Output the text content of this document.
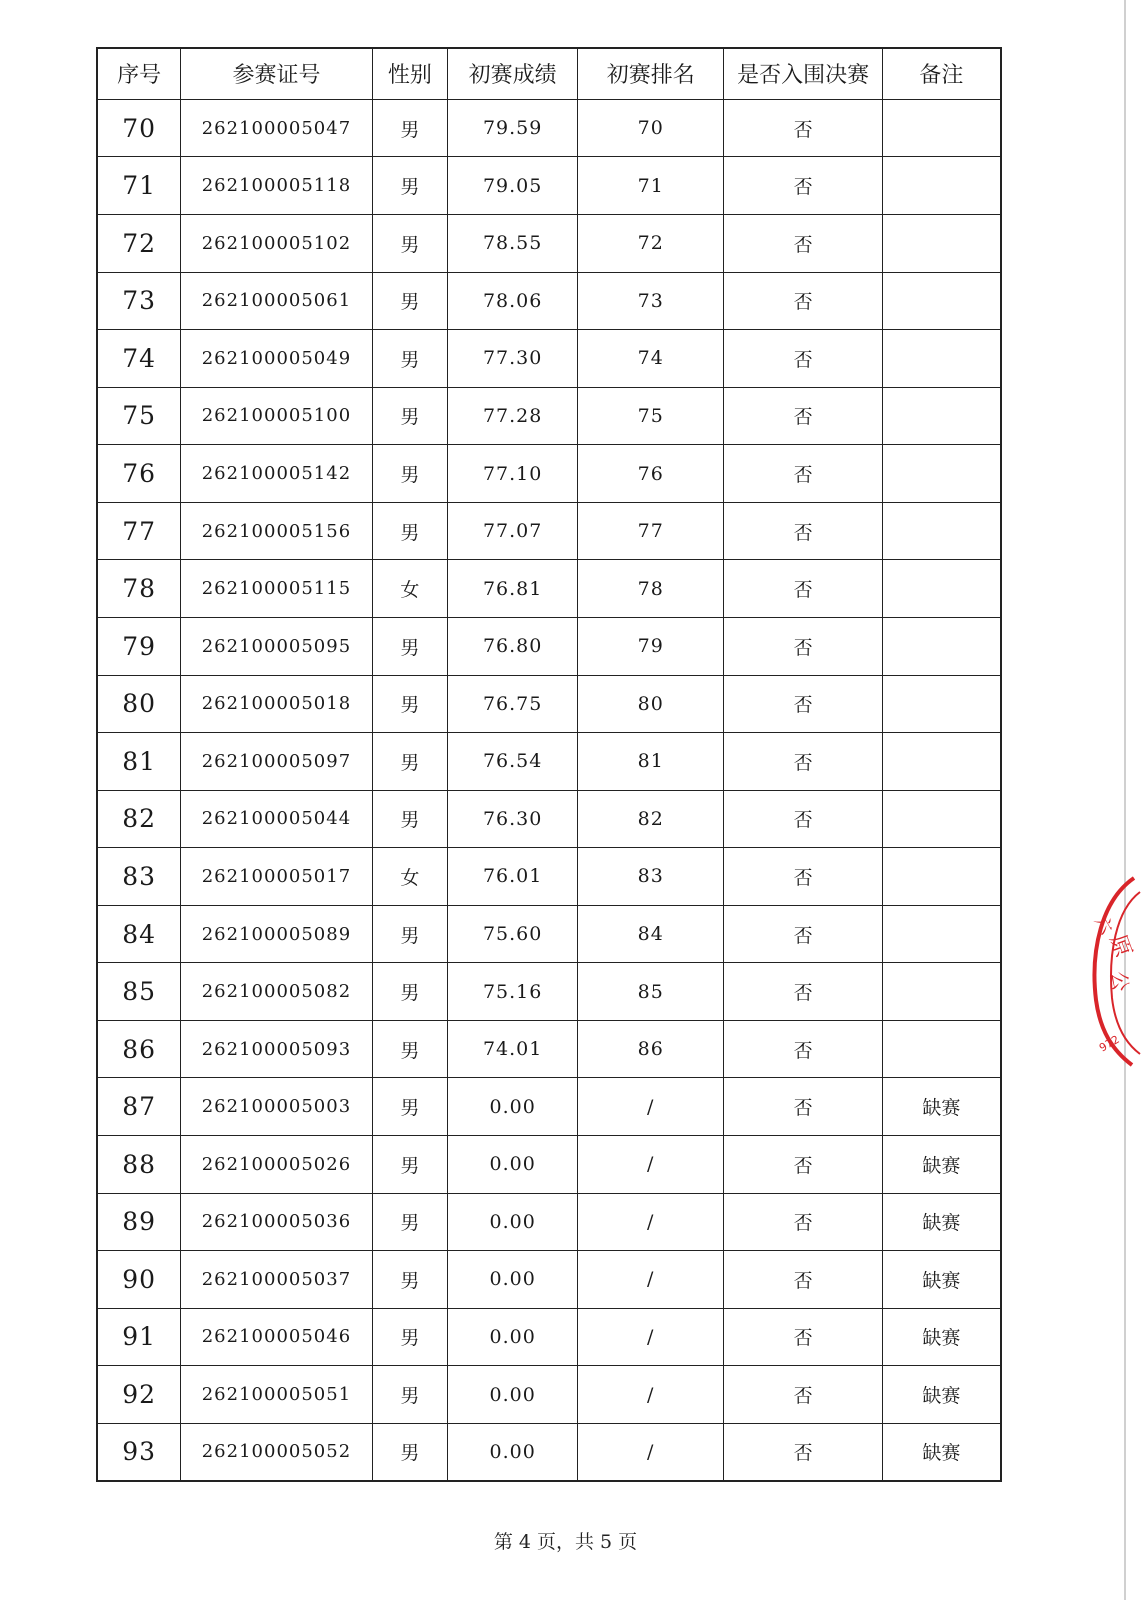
序号	参赛证号	性别	初赛成绩	初赛排名	是否入围决赛	备注
70	262100005047	男	79.59	70	否	
71	262100005118	男	79.05	71	否	
72	262100005102	男	78.55	72	否	
73	262100005061	男	78.06	73	否	
74	262100005049	男	77.30	74	否	
75	262100005100	男	77.28	75	否	
76	262100005142	男	77.10	76	否	
77	262100005156	男	77.07	77	否	
78	262100005115	女	76.81	78	否	
79	262100005095	男	76.80	79	否	
80	262100005018	男	76.75	80	否	
81	262100005097	男	76.54	81	否	
82	262100005044	男	76.30	82	否	
83	262100005017	女	76.01	83	否	
84	262100005089	男	75.60	84	否	
85	262100005082	男	75.16	85	否	
86	262100005093	男	74.01	86	否	
87	262100005003	男	0.00	/	否	缺赛
88	262100005026	男	0.00	/	否	缺赛
89	262100005036	男	0.00	/	否	缺赛
90	262100005037	男	0.00	/	否	缺赛
91	262100005046	男	0.00	/	否	缺赛
92	262100005051	男	0.00	/	否	缺赛
93	262100005052	男	0.00	/	否	缺赛
六
原
公
972
第 4 页，共 5 页
